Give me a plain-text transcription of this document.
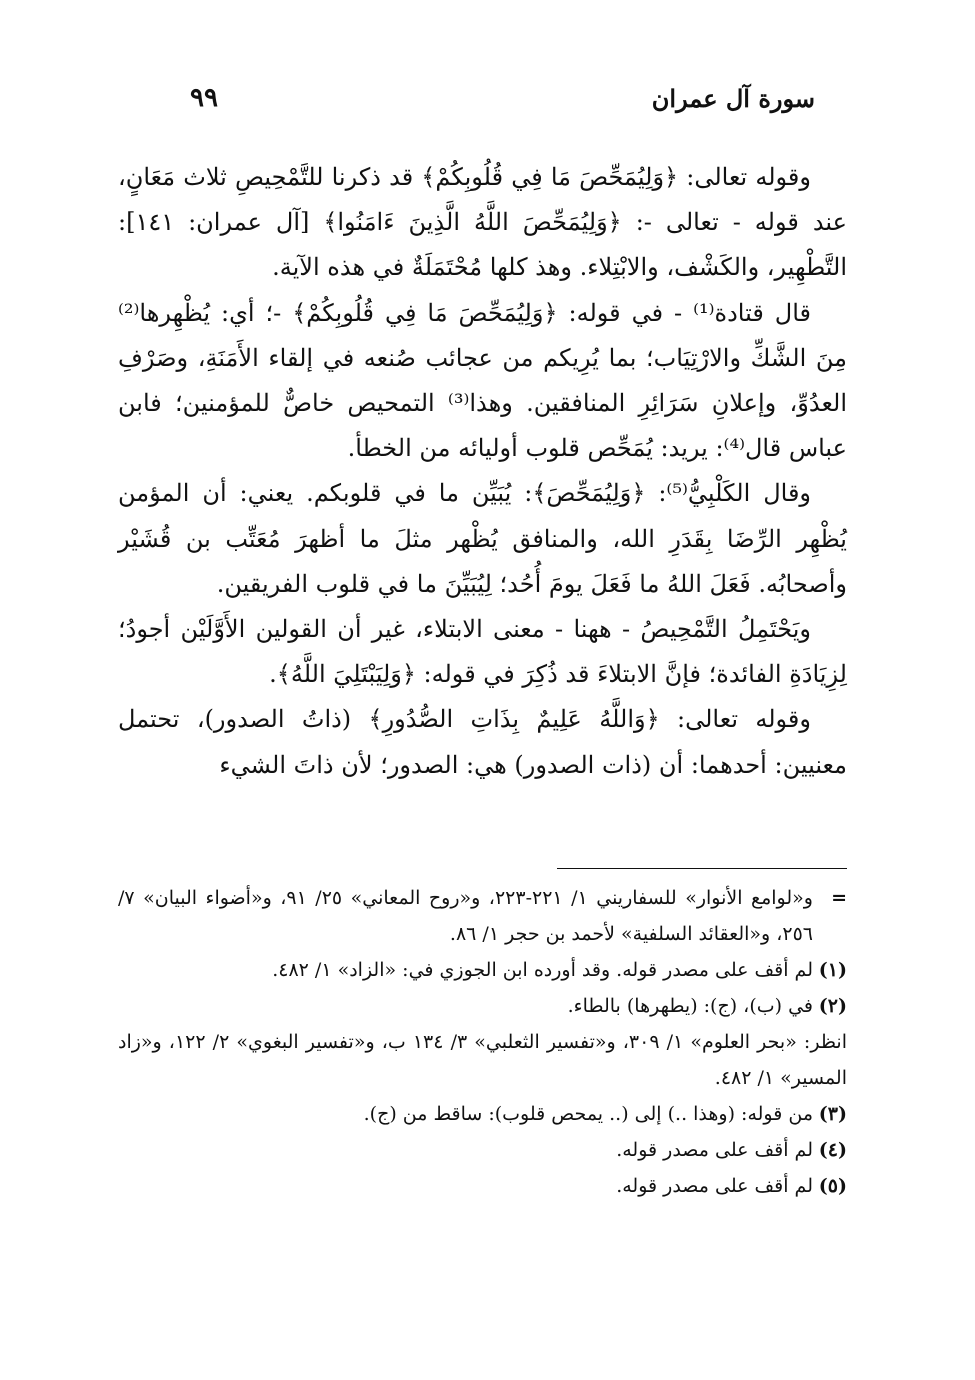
سورة آل عمران
٩٩

وقوله تعالى: ﴿وَلِيُمَحِّصَ مَا فِي قُلُوبِكُمْ﴾ قد ذكرنا للتَّمْحِيصِ ثلاث مَعَانٍ، عند قوله - تعالى -: ﴿وَلِيُمَحِّصَ اللَّهُ الَّذِينَ ءَامَنُوا﴾ [آل عمران: ١٤١]: التَّطْهِير، والكَشْف، والابْتِلاء. وهذ كلها مُحْتَمَلَةٌ في هذه الآية.

قال قتادة⁽¹⁾ - في قوله: ﴿وَلِيُمَحِّصَ مَا فِي قُلُوبِكُمْ﴾ -؛ أي: يُظْهِرها⁽²⁾ مِنَ الشَّكِّ والارْتِيَاب؛ بما يُرِيكم من عجائب صُنعه في إلقاء الأَمَنَةِ، وصَرْفِ العدُوِّ، وإعلانِ سَرَائِرِ المنافقين. وهذا⁽³⁾ التمحيص خاصٌّ للمؤمنين؛ فابن عباس قال⁽⁴⁾: يريد: يُمَحِّص قلوب أوليائه من الخطأ.

وقال الكَلْبِيُّ⁽⁵⁾: ﴿وَلِيُمَحِّصَ﴾: يُبَيِّن ما في قلوبكم. يعني: أن المؤمن يُظْهِر الرِّضَا بِقَدَرِ الله، والمنافق يُظْهر مثلَ ما أظهرَ مُعَتِّب بن قُشَيْر وأصحابُه. فَعَلَ اللهُ ما فَعَلَ يومَ أُحُد؛ لِيُبَيِّنَ ما في قلوب الفريقين.

ويَحْتَمِلُ التَّمْحِيصُ - ههنا - معنى الابتلاء، غير أن القولين الأَوَّلَيْن أجودُ؛ لِزِيَادَةِ الفائدة؛ فإنَّ الابتلاءَ قد ذُكِرَ في قوله: ﴿وَلِيَبْتَلِيَ اللَّهُ﴾.

وقوله تعالى: ﴿وَاللَّهُ عَلِيمٌ بِذَاتِ الصُّدُورِ﴾ (ذاتُ الصدور)، تحتمل معنيين: أحدهما: أن (ذات الصدور) هي: الصدور؛ لأن ذاتَ الشيء

=
و«لوامع الأنوار» للسفاريني ١/ ٢٢١-٢٢٣، و«روح المعاني» ٢٥/ ٩١، و«أضواء البيان» ٧/ ٢٥٦، و«العقائد السلفية» لأحمد بن حجر ١/ ٨٦.
(١)
لم أقف على مصدر قوله. وقد أورده ابن الجوزي في: «الزاد» ١/ ٤٨٢.
(٢)
في (ب)، (ج): (يطهرها) بالطاء.
انظر: «بحر العلوم» ١/ ٣٠٩، و«تفسير الثعلبي» ٣/ ١٣٤ ب، و«تفسير البغوي» ٢/ ١٢٢، و«زاد المسير» ١/ ٤٨٢.
(٣)
من قوله: (وهذا ..) إلى (.. يمحص قلوب): ساقط من (ج).
(٤)
لم أقف على مصدر قوله.
(٥)
لم أقف على مصدر قوله.
